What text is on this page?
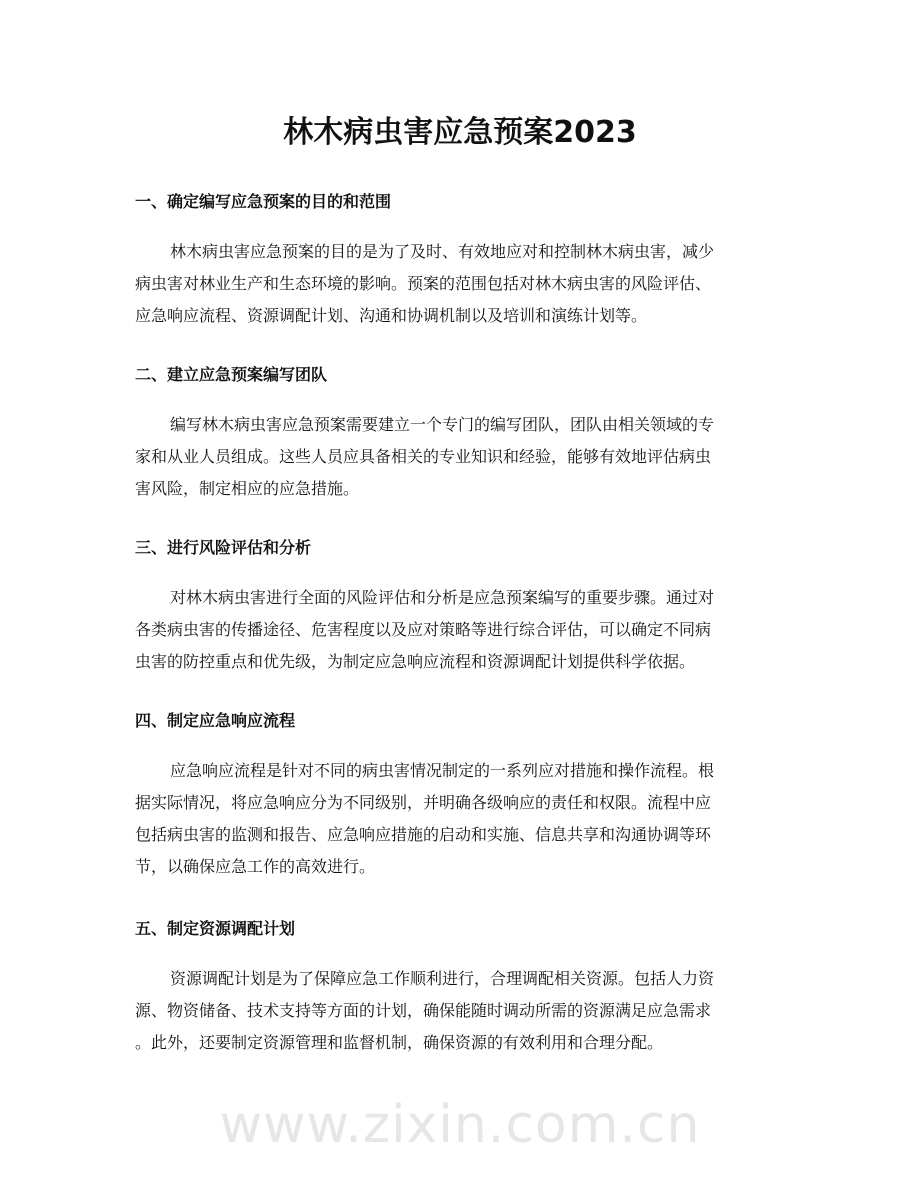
林木病虫害应急预案2023
一、确定编写应急预案的目的和范围
林木病虫害应急预案的目的是为了及时、有效地应对和控制林木病虫害，减少
病虫害对林业生产和生态环境的影响。预案的范围包括对林木病虫害的风险评估、
应急响应流程、资源调配计划、沟通和协调机制以及培训和演练计划等。
二、建立应急预案编写团队
编写林木病虫害应急预案需要建立一个专门的编写团队，团队由相关领域的专
家和从业人员组成。这些人员应具备相关的专业知识和经验，能够有效地评估病虫
害风险，制定相应的应急措施。
三、进行风险评估和分析
对林木病虫害进行全面的风险评估和分析是应急预案编写的重要步骤。通过对
各类病虫害的传播途径、危害程度以及应对策略等进行综合评估，可以确定不同病
虫害的防控重点和优先级，为制定应急响应流程和资源调配计划提供科学依据。
四、制定应急响应流程
应急响应流程是针对不同的病虫害情况制定的一系列应对措施和操作流程。根
据实际情况，将应急响应分为不同级别，并明确各级响应的责任和权限。流程中应
包括病虫害的监测和报告、应急响应措施的启动和实施、信息共享和沟通协调等环
节，以确保应急工作的高效进行。
五、制定资源调配计划
资源调配计划是为了保障应急工作顺利进行，合理调配相关资源。包括人力资
源、物资储备、技术支持等方面的计划，确保能随时调动所需的资源满足应急需求
。此外，还要制定资源管理和监督机制，确保资源的有效利用和合理分配。
www.zixin.com.cn
